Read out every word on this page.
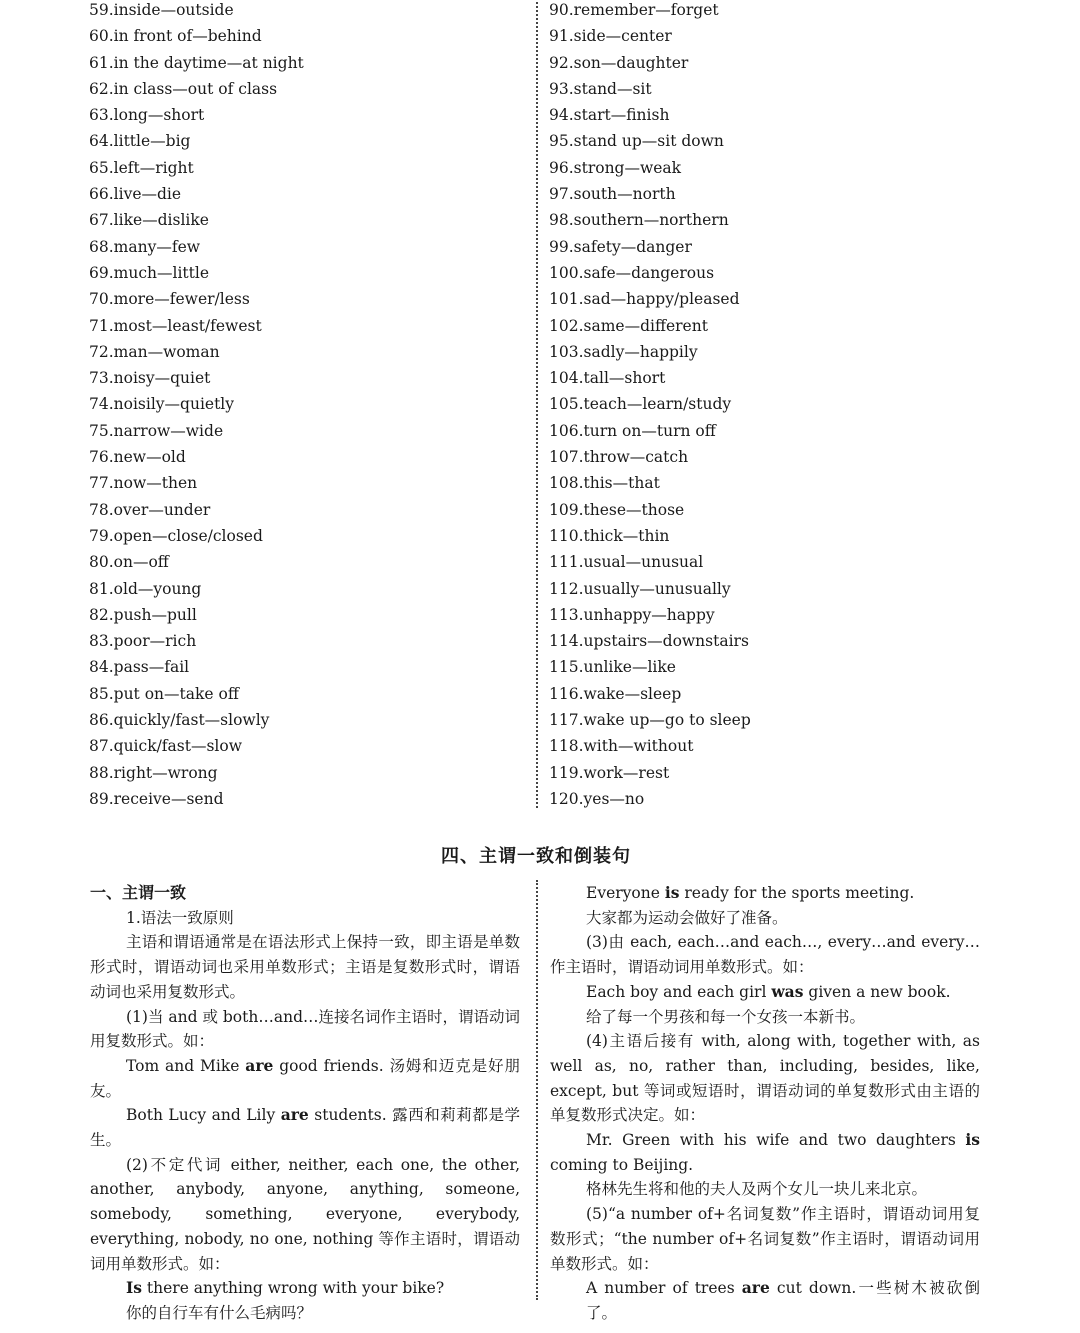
59.inside—outside
60.in front of—behind
61.in the daytime—at night
62.in class—out of class
63.long—short
64.little—big
65.left—right
66.live—die
67.like—dislike
68.many—few
69.much—little
70.more—fewer/less
71.most—least/fewest
72.man—woman
73.noisy—quiet
74.noisily—quietly
75.narrow—wide
76.new—old
77.now—then
78.over—under
79.open—close/closed
80.on—off
81.old—young
82.push—pull
83.poor—rich
84.pass—fail
85.put on—take off
86.quickly/fast—slowly
87.quick/fast—slow
88.right—wrong
89.receive—send
90.remember—forget
91.side—center
92.son—daughter
93.stand—sit
94.start—finish
95.stand up—sit down
96.strong—weak
97.south—north
98.southern—northern
99.safety—danger
100.safe—dangerous
101.sad—happy/pleased
102.same—different
103.sadly—happily
104.tall—short
105.teach—learn/study
106.turn on—turn off
107.throw—catch
108.this—that
109.these—those
110.thick—thin
111.usual—unusual
112.usually—unusually
113.unhappy—happy
114.upstairs—downstairs
115.unlike—like
116.wake—sleep
117.wake up—go to sleep
118.with—without
119.work—rest
120.yes—no
四、主谓一致和倒装句

一、主谓一致

1.语法一致原则

主语和谓语通常是在语法形式上保持一致，即主语是单数形式时，谓语动词也采用单数形式；主语是复数形式时，谓语动词也采用复数形式。

(1)当 and 或 both…and…连接名词作主语时，谓语动词用复数形式。如：

Tom and Mike are good friends. 汤姆和迈克是好朋友。

Both Lucy and Lily are students. 露西和莉莉都是学生。

(2)不定代词 either, neither, each one, the other, another, anybody, anyone, anything, someone, somebody, something, everyone, everybody, everything, nobody, no one, nothing 等作主语时，谓语动词用单数形式。如：

Is there anything wrong with your bike?

你的自行车有什么毛病吗？

Everyone is ready for the sports meeting.

大家都为运动会做好了准备。

(3)由 each, each…and each…, every…and every…作主语时，谓语动词用单数形式。如：

Each boy and each girl was given a new book.

给了每一个男孩和每一个女孩一本新书。

(4)主语后接有 with, along with, together with, as well as, no, rather than, including, besides, like, except, but 等词或短语时，谓语动词的单复数形式由主语的单复数形式决定。如：

Mr. Green with his wife and two daughters is coming to Beijing.

格林先生将和他的夫人及两个女儿一块儿来北京。

(5)“a number of+名词复数”作主语时，谓语动词用复数形式；“the number of+名词复数”作主语时，谓语动词用单数形式。如：

A number of trees are cut down.一些树木被砍倒了。
